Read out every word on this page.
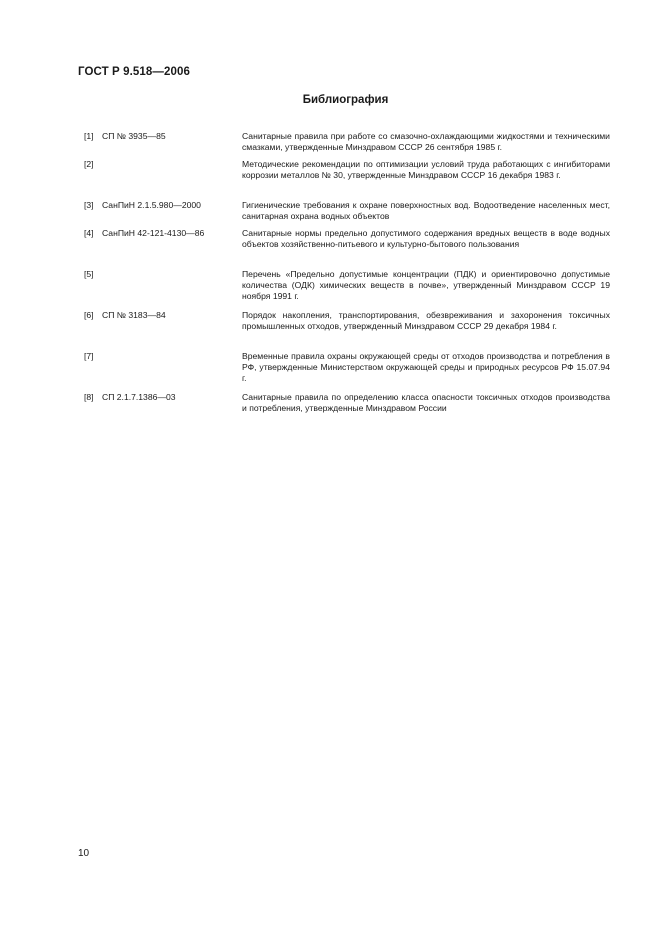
ГОСТ Р 9.518—2006
Библиография
[1] СП № 3935—85	Санитарные правила при работе со смазочно-охлаждающими жидкостями и техническими смазками, утвержденные Минздравом СССР 26 сентября 1985 г.
[2]	Методические рекомендации по оптимизации условий труда работающих с ингибиторами коррозии металлов № 30, утвержденные Минздравом СССР 16 декабря 1983 г.
[3] СанПиН 2.1.5.980—2000	Гигиенические требования к охране поверхностных вод. Водоотведение населенных мест, санитарная охрана водных объектов
[4] СанПиН 42-121-4130—86	Санитарные нормы предельно допустимого содержания вредных веществ в воде водных объектов хозяйственно-питьевого и культурно-бытового пользования
[5]	Перечень «Предельно допустимые концентрации (ПДК) и ориентировочно допустимые количества (ОДК) химических веществ в почве», утвержденный Минздравом СССР 19 ноября 1991 г.
[6] СП № 3183—84	Порядок накопления, транспортирования, обезвреживания и захоронения токсичных промышленных отходов, утвержденный Минздравом СССР 29 декабря 1984 г.
[7]	Временные правила охраны окружающей среды от отходов производства и потребления в РФ, утвержденные Министерством окружающей среды и природных ресурсов РФ 15.07.94 г.
[8] СП 2.1.7.1386—03	Санитарные правила по определению класса опасности токсичных отходов производства и потребления, утвержденные Минздравом России
10
